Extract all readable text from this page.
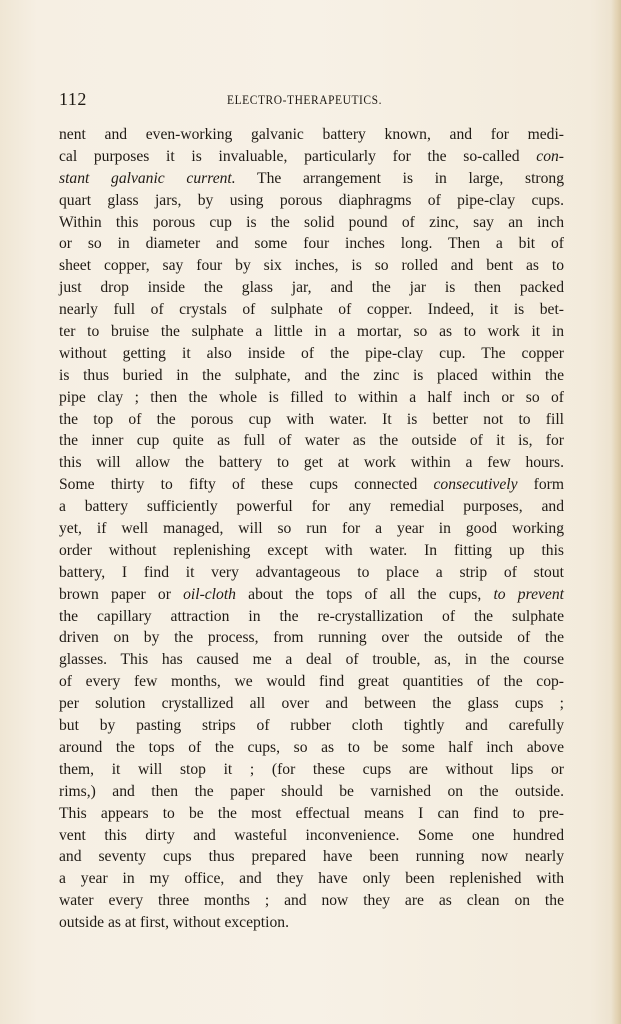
112	ELECTRO-THERAPEUTICS.
nent and even-working galvanic battery known, and for medi-
cal purposes it is invaluable, particularly for the so-called con-
stant galvanic current. The arrangement is in large, strong
quart glass jars, by using porous diaphragms of pipe-clay cups.
Within this porous cup is the solid pound of zinc, say an inch
or so in diameter and some four inches long. Then a bit of
sheet copper, say four by six inches, is so rolled and bent as to
just drop inside the glass jar, and the jar is then packed
nearly full of crystals of sulphate of copper. Indeed, it is bet-
ter to bruise the sulphate a little in a mortar, so as to work it in
without getting it also inside of the pipe-clay cup. The copper
is thus buried in the sulphate, and the zinc is placed within the
pipe clay ; then the whole is filled to within a half inch or so of
the top of the porous cup with water. It is better not to fill
the inner cup quite as full of water as the outside of it is, for
this will allow the battery to get at work within a few hours.
Some thirty to fifty of these cups connected consecutively form
a battery sufficiently powerful for any remedial purposes, and
yet, if well managed, will so run for a year in good working
order without replenishing except with water. In fitting up this
battery, I find it very advantageous to place a strip of stout
brown paper or oil-cloth about the tops of all the cups, to prevent
the capillary attraction in the re-crystallization of the sulphate
driven on by the process, from running over the outside of the
glasses. This has caused me a deal of trouble, as, in the course
of every few months, we would find great quantities of the cop-
per solution crystallized all over and between the glass cups ;
but by pasting strips of rubber cloth tightly and carefully
around the tops of the cups, so as to be some half inch above
them, it will stop it ; (for these cups are without lips or
rims,) and then the paper should be varnished on the outside.
This appears to be the most effectual means I can find to pre-
vent this dirty and wasteful inconvenience. Some one hundred
and seventy cups thus prepared have been running now nearly
a year in my office, and they have only been replenished with
water every three months ; and now they are as clean on the
outside as at first, without exception.
